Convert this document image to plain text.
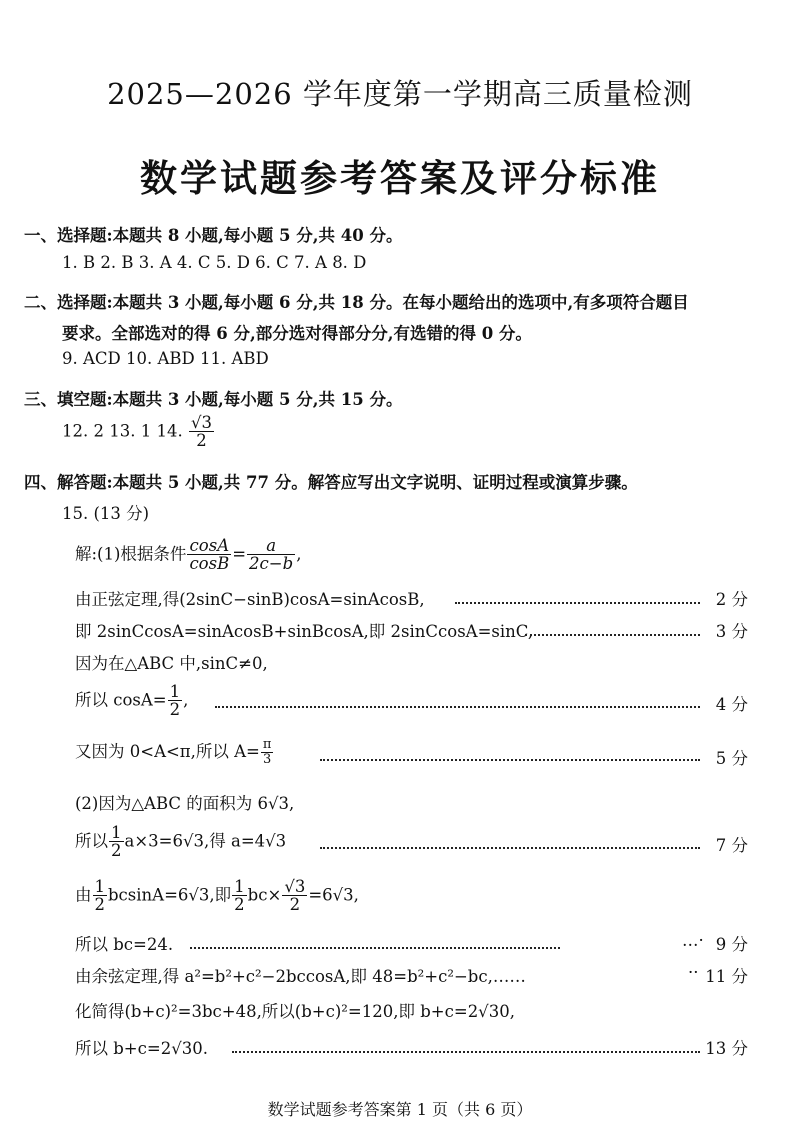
2025—2026 学年度第一学期高三质量检测
数学试题参考答案及评分标准
一、选择题:本题共 8 小题,每小题 5 分,共 40 分。
1. B 2. B 3. A 4. C 5. D 6. C 7. A 8. D
二、选择题:本题共 3 小题,每小题 6 分,共 18 分。在每小题给出的选项中,有多项符合题目
要求。全部选对的得 6 分,部分选对得部分分,有选错的得 0 分。
9. ACD 10. ABD 11. ABD
三、填空题:本题共 3 小题,每小题 5 分,共 15 分。
12. 2 13. 1 14. $\frac{√3}{2}$
四、解答题:本题共 5 小题,共 77 分。解答应写出文字说明、证明过程或演算步骤。
15. (13 分)
解:(1)根据条件 $\frac{\cos A}{\cos B} = \frac{a}{2c-b}$ ,
由正弦定理,得(2sinC−sinB)cosA=sinAcosB,	2 分
即 2sinCcosA=sinAcosB+sinBcosA,即 2sinCcosA=sinC,	3 分
因为在△ABC 中,sinC≠0,
所以 $\cos A= \frac{1}{2}$ ,	4 分
又因为 0<A<π,所以 $A= \frac{\pi}{3}$	5 分
(2)因为△ABC 的面积为 6√3,
所以 $\frac{1}{2} a\times 3=6√3$,得 a=4√3	7 分
由 $\frac{1}{2} bcsinA=6√3$,即 $\frac{1}{2} bc\times \frac{√3}{2} =6√3$,
所以 bc=24.	…· 9 分
由余弦定理,得 a²=b²+c²−2bccosA,即 48=b²+c²−bc,……	·· 11 分
化简得(b+c)²=3bc+48,所以(b+c)²=120,即 b+c=2√30,
所以 b+c=2√30.	13 分
数学试题参考答案第 1 页（共 6 页）
